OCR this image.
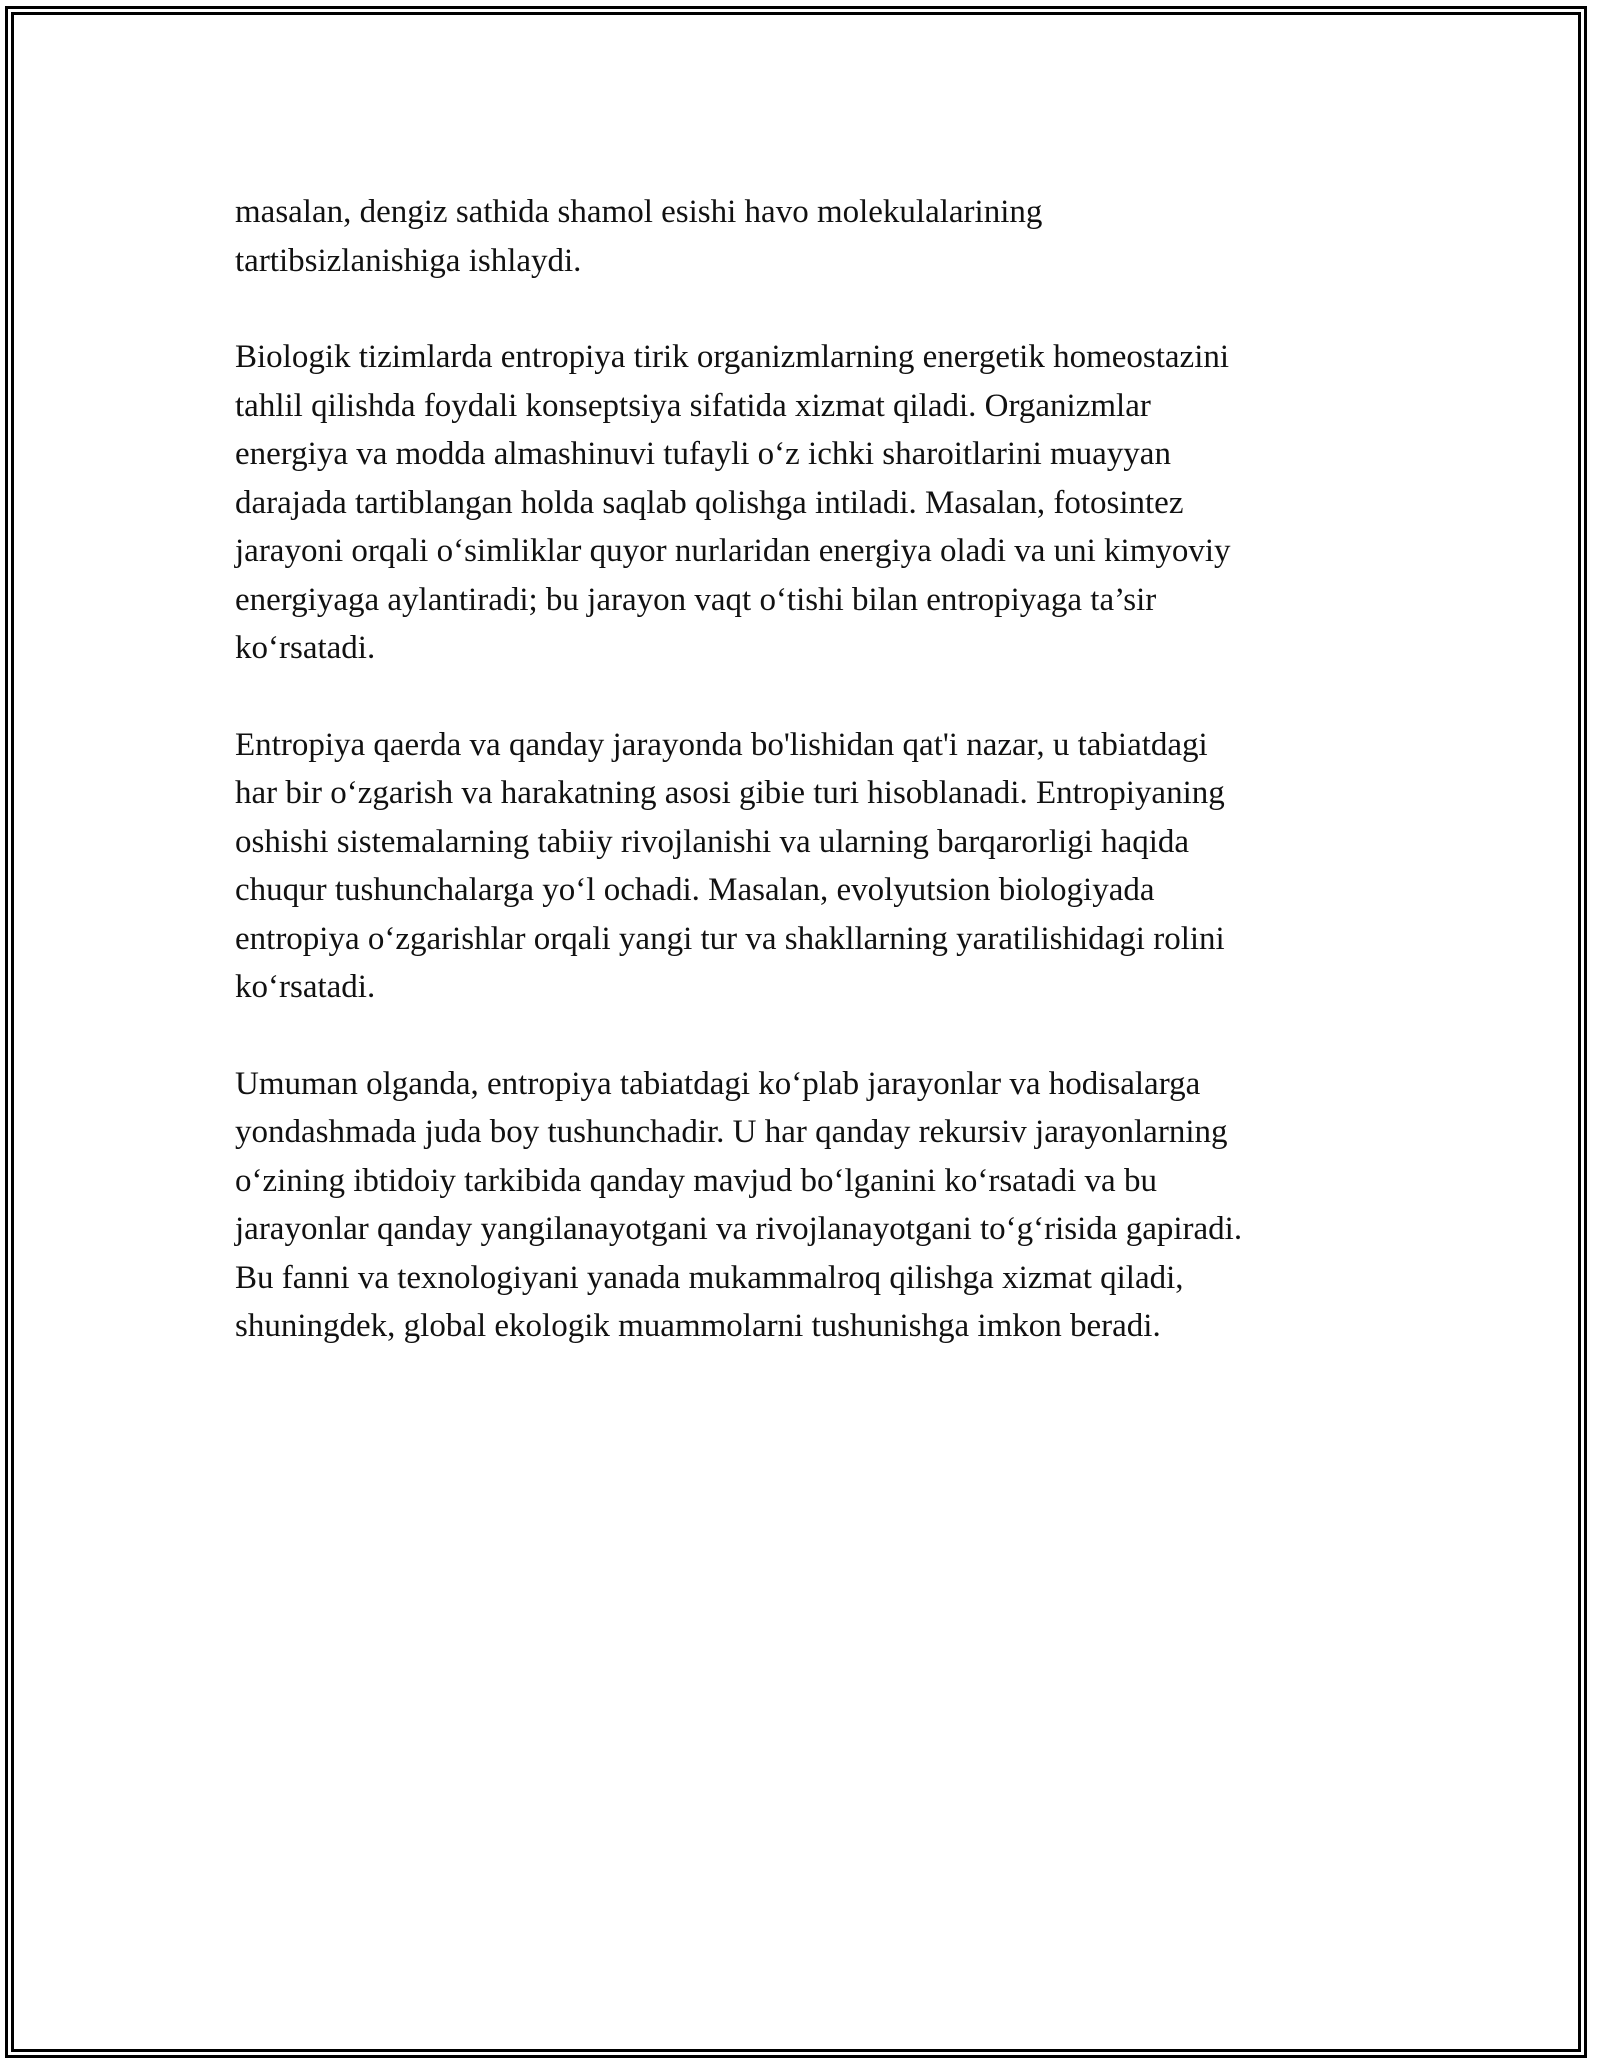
masalan, dengiz sathida shamol esishi havo molekulalarining
tartibsizlanishiga ishlaydi.

Biologik tizimlarda entropiya tirik organizmlarning energetik homeostazini
tahlil qilishda foydali konseptsiya sifatida xizmat qiladi. Organizmlar
energiya va modda almashinuvi tufayli o‘z ichki sharoitlarini muayyan
darajada tartiblangan holda saqlab qolishga intiladi. Masalan, fotosintez
jarayoni orqali o‘simliklar quyor nurlaridan energiya oladi va uni kimyoviy
energiyaga aylantiradi; bu jarayon vaqt o‘tishi bilan entropiyaga ta’sir
ko‘rsatadi.

Entropiya qaerda va qanday jarayonda bo'lishidan qat'i nazar, u tabiatdagi
har bir o‘zgarish va harakatning asosi gibie turi hisoblanadi. Entropiyaning
oshishi sistemalarning tabiiy rivojlanishi va ularning barqarorligi haqida
chuqur tushunchalarga yo‘l ochadi. Masalan, evolyutsion biologiyada
entropiya o‘zgarishlar orqali yangi tur va shakllarning yaratilishidagi rolini
ko‘rsatadi.

Umuman olganda, entropiya tabiatdagi ko‘plab jarayonlar va hodisalarga
yondashmada juda boy tushunchadir. U har qanday rekursiv jarayonlarning
o‘zining ibtidoiy tarkibida qanday mavjud bo‘lganini ko‘rsatadi va bu
jarayonlar qanday yangilanayotgani va rivojlanayotgani to‘g‘risida gapiradi.
Bu fanni va texnologiyani yanada mukammalroq qilishga xizmat qiladi,
shuningdek, global ekologik muammolarni tushunishga imkon beradi.
